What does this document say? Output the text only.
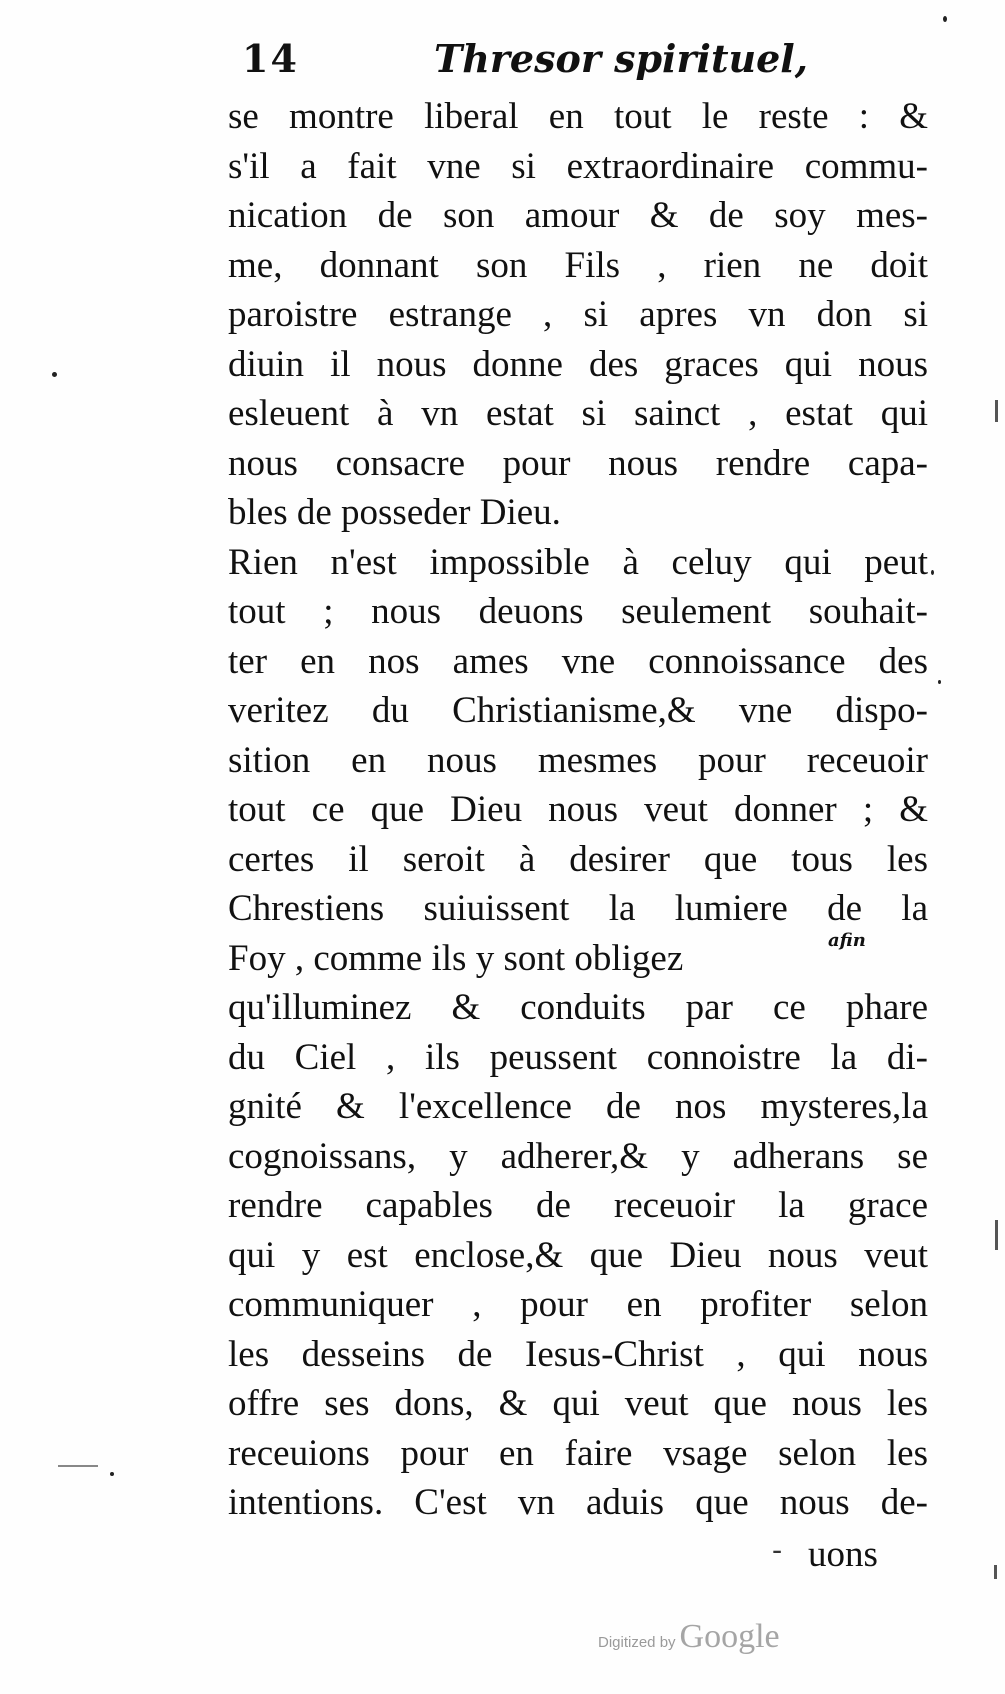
14	Thresor spirituel,
se montre liberal en tout le reste : &
s'il a fait vne si extraordinaire commu-
nication de son amour & de soy mes-
me, donnant son Fils , rien ne doit
paroistre estrange , si apres vn don si
diuin il nous donne des graces qui nous
esleuent à vn estat si sainct , estat qui
nous consacre pour nous rendre capa-
bles de posseder Dieu.
Rien n'est impossible à celuy qui peut
tout ; nous deuons seulement souhait-
ter en nos ames vne connoissance des
veritez du Christianisme,& vne dispo-
sition en nous mesmes pour receuoir
tout ce que Dieu nous veut donner ; &
certes il seroit à desirer que tous les
Chrestiens suiuissent la lumiere de la
Foy , comme ils y sont obligez
qu'illuminez & conduits par ce phare
du Ciel , ils peussent connoistre la di-
gnité & l'excellence de nos mysteres,la
cognoissans, y adherer,& y adherans se
rendre capables de receuoir la grace
qui y est enclose,& que Dieu nous veut
communiquer , pour en profiter selon
les desseins de Iesus-Christ , qui nous
offre ses dons, & qui veut que nous les
receuions pour en faire vsage selon les
intentions. C'est vn aduis que nous de-
afin
- uons
Digitized by Google
